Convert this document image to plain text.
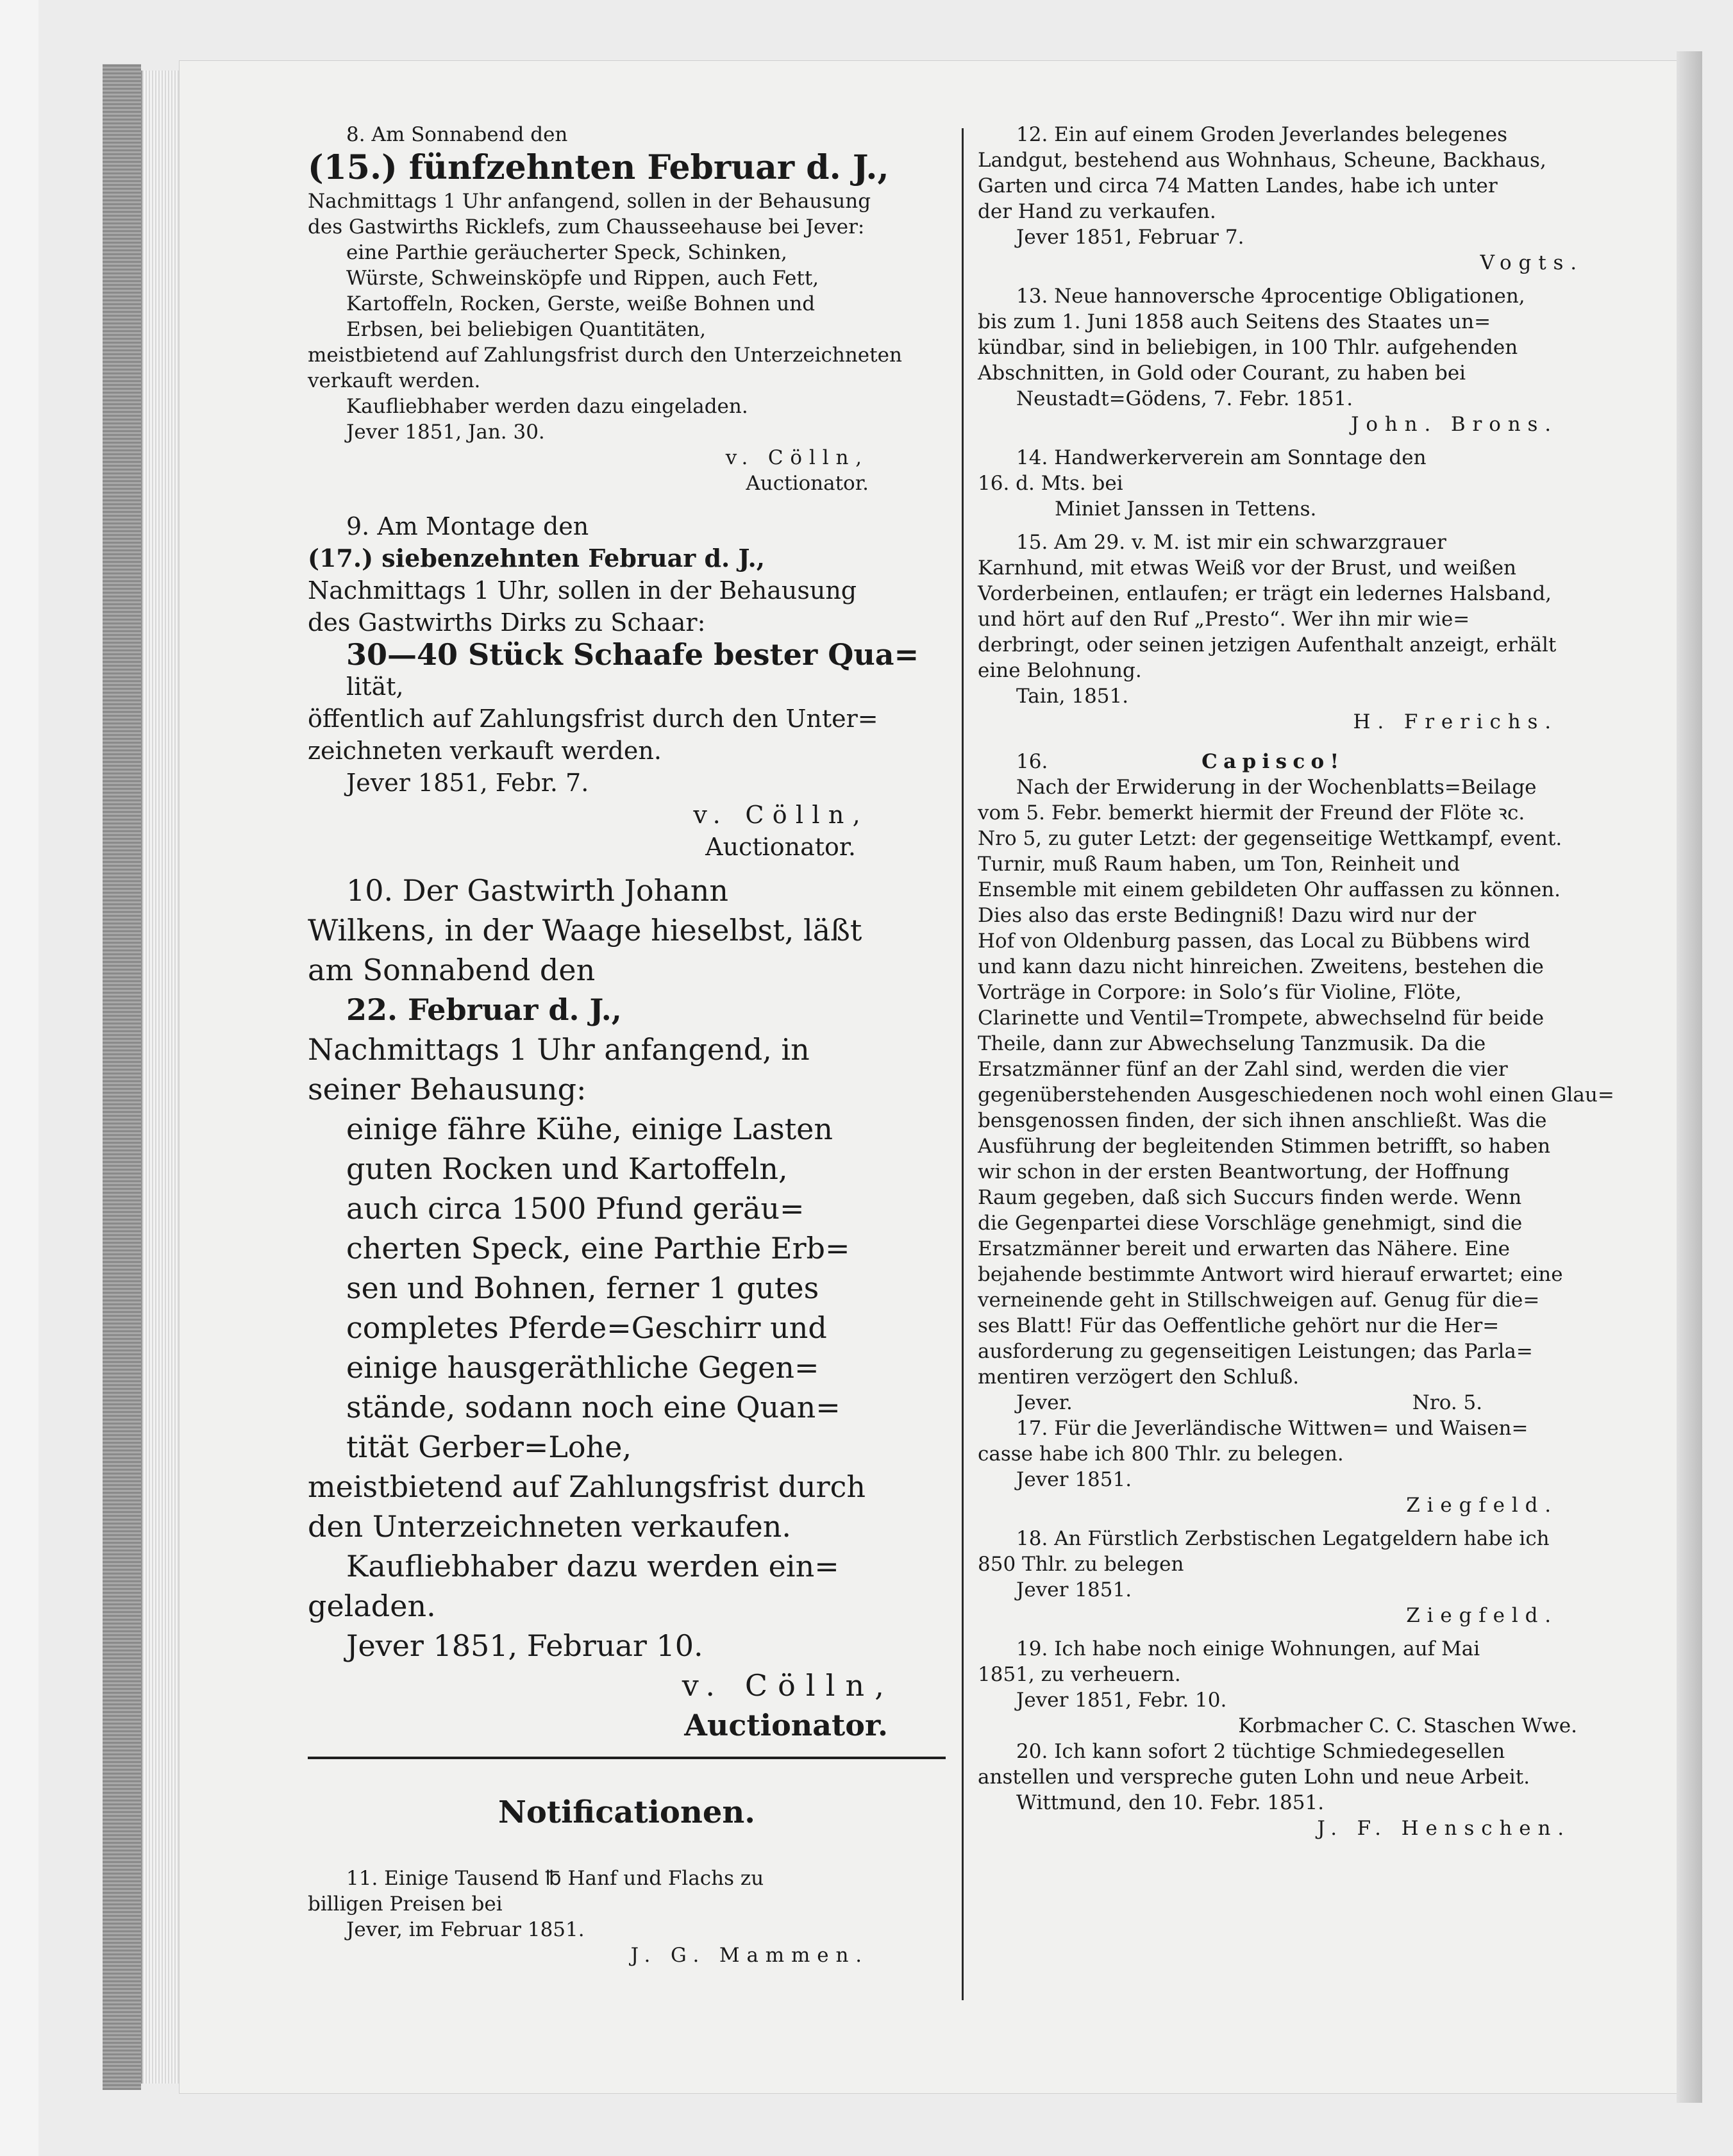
8. Am Sonnabend den

(15.) fünfzehnten Februar d. J.,

Nachmittags 1 Uhr anfangend, sollen in der Behausung

des Gastwirths Ricklefs, zum Chausseehause bei Jever:

eine Parthie geräucherter Speck, Schinken,

Würste, Schweinsköpfe und Rippen, auch Fett,

Kartoffeln, Rocken, Gerste, weiße Bohnen und

Erbsen, bei beliebigen Quantitäten,

meistbietend auf Zahlungsfrist durch den Unterzeichneten

verkauft werden.

Kaufliebhaber werden dazu eingeladen.

Jever 1851, Jan. 30.

v. Cölln,

Auctionator.

9. Am Montage den

(17.) siebenzehnten Februar d. J.,

Nachmittags 1 Uhr, sollen in der Behausung

des Gastwirths Dirks zu Schaar:

30—40 Stück Schaafe bester Qua=

lität,

öffentlich auf Zahlungsfrist durch den Unter=

zeichneten verkauft werden.

Jever 1851, Febr. 7.

v. Cölln,

Auctionator.

10. Der Gastwirth Johann

Wilkens, in der Waage hieselbst, läßt

am Sonnabend den

22. Februar d. J.,

Nachmittags 1 Uhr anfangend, in

seiner Behausung:

einige fähre Kühe, einige Lasten

guten Rocken und Kartoffeln,

auch circa 1500 Pfund geräu=

cherten Speck, eine Parthie Erb=

sen und Bohnen, ferner 1 gutes

completes Pferde=Geschirr und

einige hausgeräthliche Gegen=

stände, sodann noch eine Quan=

tität Gerber=Lohe,

meistbietend auf Zahlungsfrist durch

den Unterzeichneten verkaufen.

Kaufliebhaber dazu werden ein=

geladen.

Jever 1851, Februar 10.

v. Cölln,

Auctionator.

Notificationen.

11. Einige Tausend ℔ Hanf und Flachs zu

billigen Preisen bei

Jever, im Februar 1851.

J. G. Mammen.

12. Ein auf einem Groden Jeverlandes belegenes

Landgut, bestehend aus Wohnhaus, Scheune, Backhaus,

Garten und circa 74 Matten Landes, habe ich unter

der Hand zu verkaufen.

Jever 1851, Februar 7.

Vogts.

13. Neue hannoversche 4procentige Obligationen,

bis zum 1. Juni 1858 auch Seitens des Staates un=

kündbar, sind in beliebigen, in 100 Thlr. aufgehenden

Abschnitten, in Gold oder Courant, zu haben bei

Neustadt=Gödens, 7. Febr. 1851.

John. Brons.

14. Handwerkerverein am Sonntage den

16. d. Mts. bei

Miniet Janssen in Tettens.

15. Am 29. v. M. ist mir ein schwarzgrauer

Karnhund, mit etwas Weiß vor der Brust, und weißen

Vorderbeinen, entlaufen; er trägt ein ledernes Halsband,

und hört auf den Ruf „Presto“. Wer ihn mir wie=

derbringt, oder seinen jetzigen Aufenthalt anzeigt, erhält

eine Belohnung.

Tain, 1851.

H. Frerichs.

16.	Capisco!

Nach der Erwiderung in der Wochenblatts=Beilage

vom 5. Febr. bemerkt hiermit der Freund der Flöte ꝛc.

Nro 5, zu guter Letzt: der gegenseitige Wettkampf, event.

Turnir, muß Raum haben, um Ton, Reinheit und

Ensemble mit einem gebildeten Ohr auffassen zu können.

Dies also das erste Bedingniß! Dazu wird nur der

Hof von Oldenburg passen, das Local zu Bübbens wird

und kann dazu nicht hinreichen. Zweitens, bestehen die

Vorträge in Corpore: in Solo’s für Violine, Flöte,

Clarinette und Ventil=Trompete, abwechselnd für beide

Theile, dann zur Abwechselung Tanzmusik. Da die

Ersatzmänner fünf an der Zahl sind, werden die vier

gegenüberstehenden Ausgeschiedenen noch wohl einen Glau=

bensgenossen finden, der sich ihnen anschließt. Was die

Ausführung der begleitenden Stimmen betrifft, so haben

wir schon in der ersten Beantwortung, der Hoffnung

Raum gegeben, daß sich Succurs finden werde. Wenn

die Gegenpartei diese Vorschläge genehmigt, sind die

Ersatzmänner bereit und erwarten das Nähere. Eine

bejahende bestimmte Antwort wird hierauf erwartet; eine

verneinende geht in Stillschweigen auf. Genug für die=

ses Blatt! Für das Oeffentliche gehört nur die Her=

ausforderung zu gegenseitigen Leistungen; das Parla=

mentiren verzögert den Schluß.

Jever.	Nro. 5.

17. Für die Jeverländische Wittwen= und Waisen=

casse habe ich 800 Thlr. zu belegen.

Jever 1851.

Ziegfeld.

18. An Fürstlich Zerbstischen Legatgeldern habe ich

850 Thlr. zu belegen

Jever 1851.

Ziegfeld.

19. Ich habe noch einige Wohnungen, auf Mai

1851, zu verheuern.

Jever 1851, Febr. 10.

Korbmacher C. C. Staschen Wwe.

20. Ich kann sofort 2 tüchtige Schmiedegesellen

anstellen und verspreche guten Lohn und neue Arbeit.

Wittmund, den 10. Febr. 1851.

J. F. Henschen.
